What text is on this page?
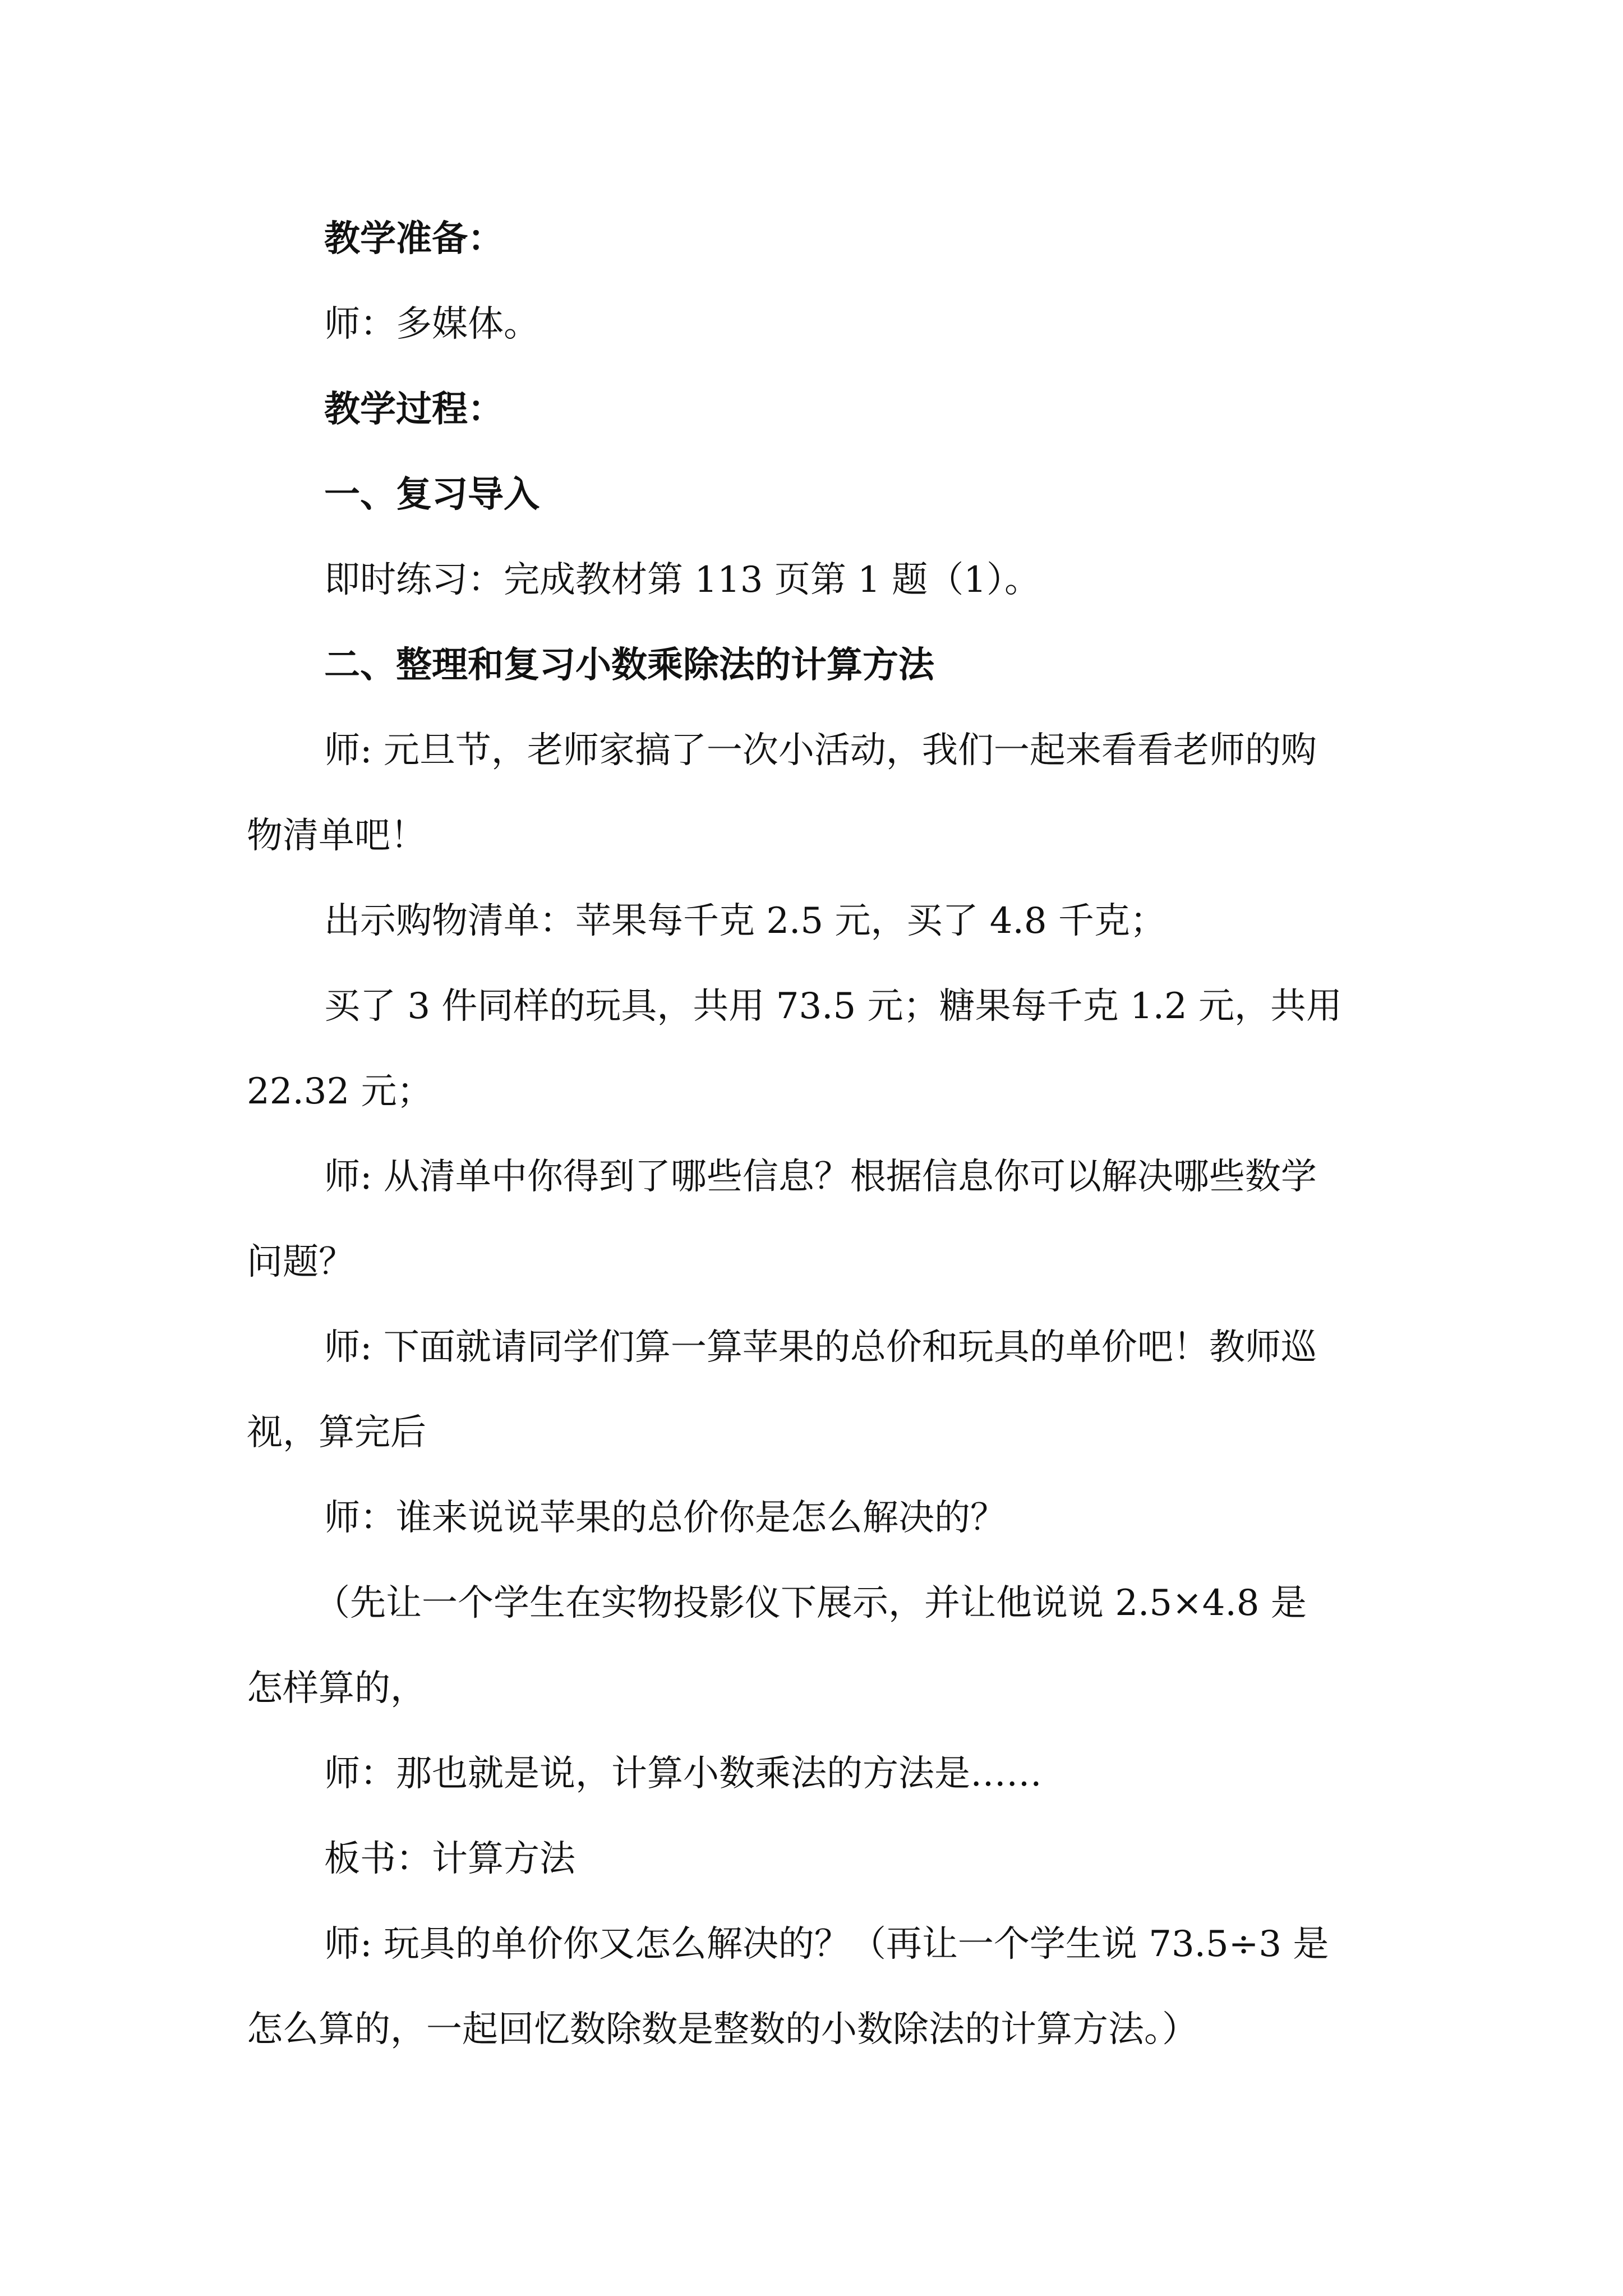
教学准备：
师：多媒体。
教学过程：
一、复习导入
即时练习：完成教材第 113 页第 1 题（1）。
二、整理和复习小数乘除法的计算方法
师: 元旦节，老师家搞了一次小活动，我们一起来看看老师的购
物清单吧！
出示购物清单：苹果每千克 2.5 元，买了 4.8 千克；
买了 3 件同样的玩具，共用 73.5 元；糖果每千克 1.2 元，共用
22.32 元；
师: 从清单中你得到了哪些信息？根据信息你可以解决哪些数学
问题？
师: 下面就请同学们算一算苹果的总价和玩具的单价吧！教师巡
视，算完后
师：谁来说说苹果的总价你是怎么解决的？
（先让一个学生在实物投影仪下展示，并让他说说 2.5×4.8 是
怎样算的，
师：那也就是说，计算小数乘法的方法是……
板书：计算方法
师: 玩具的单价你又怎么解决的？（再让一个学生说 73.5÷3 是
怎么算的，一起回忆数除数是整数的小数除法的计算方法。）
